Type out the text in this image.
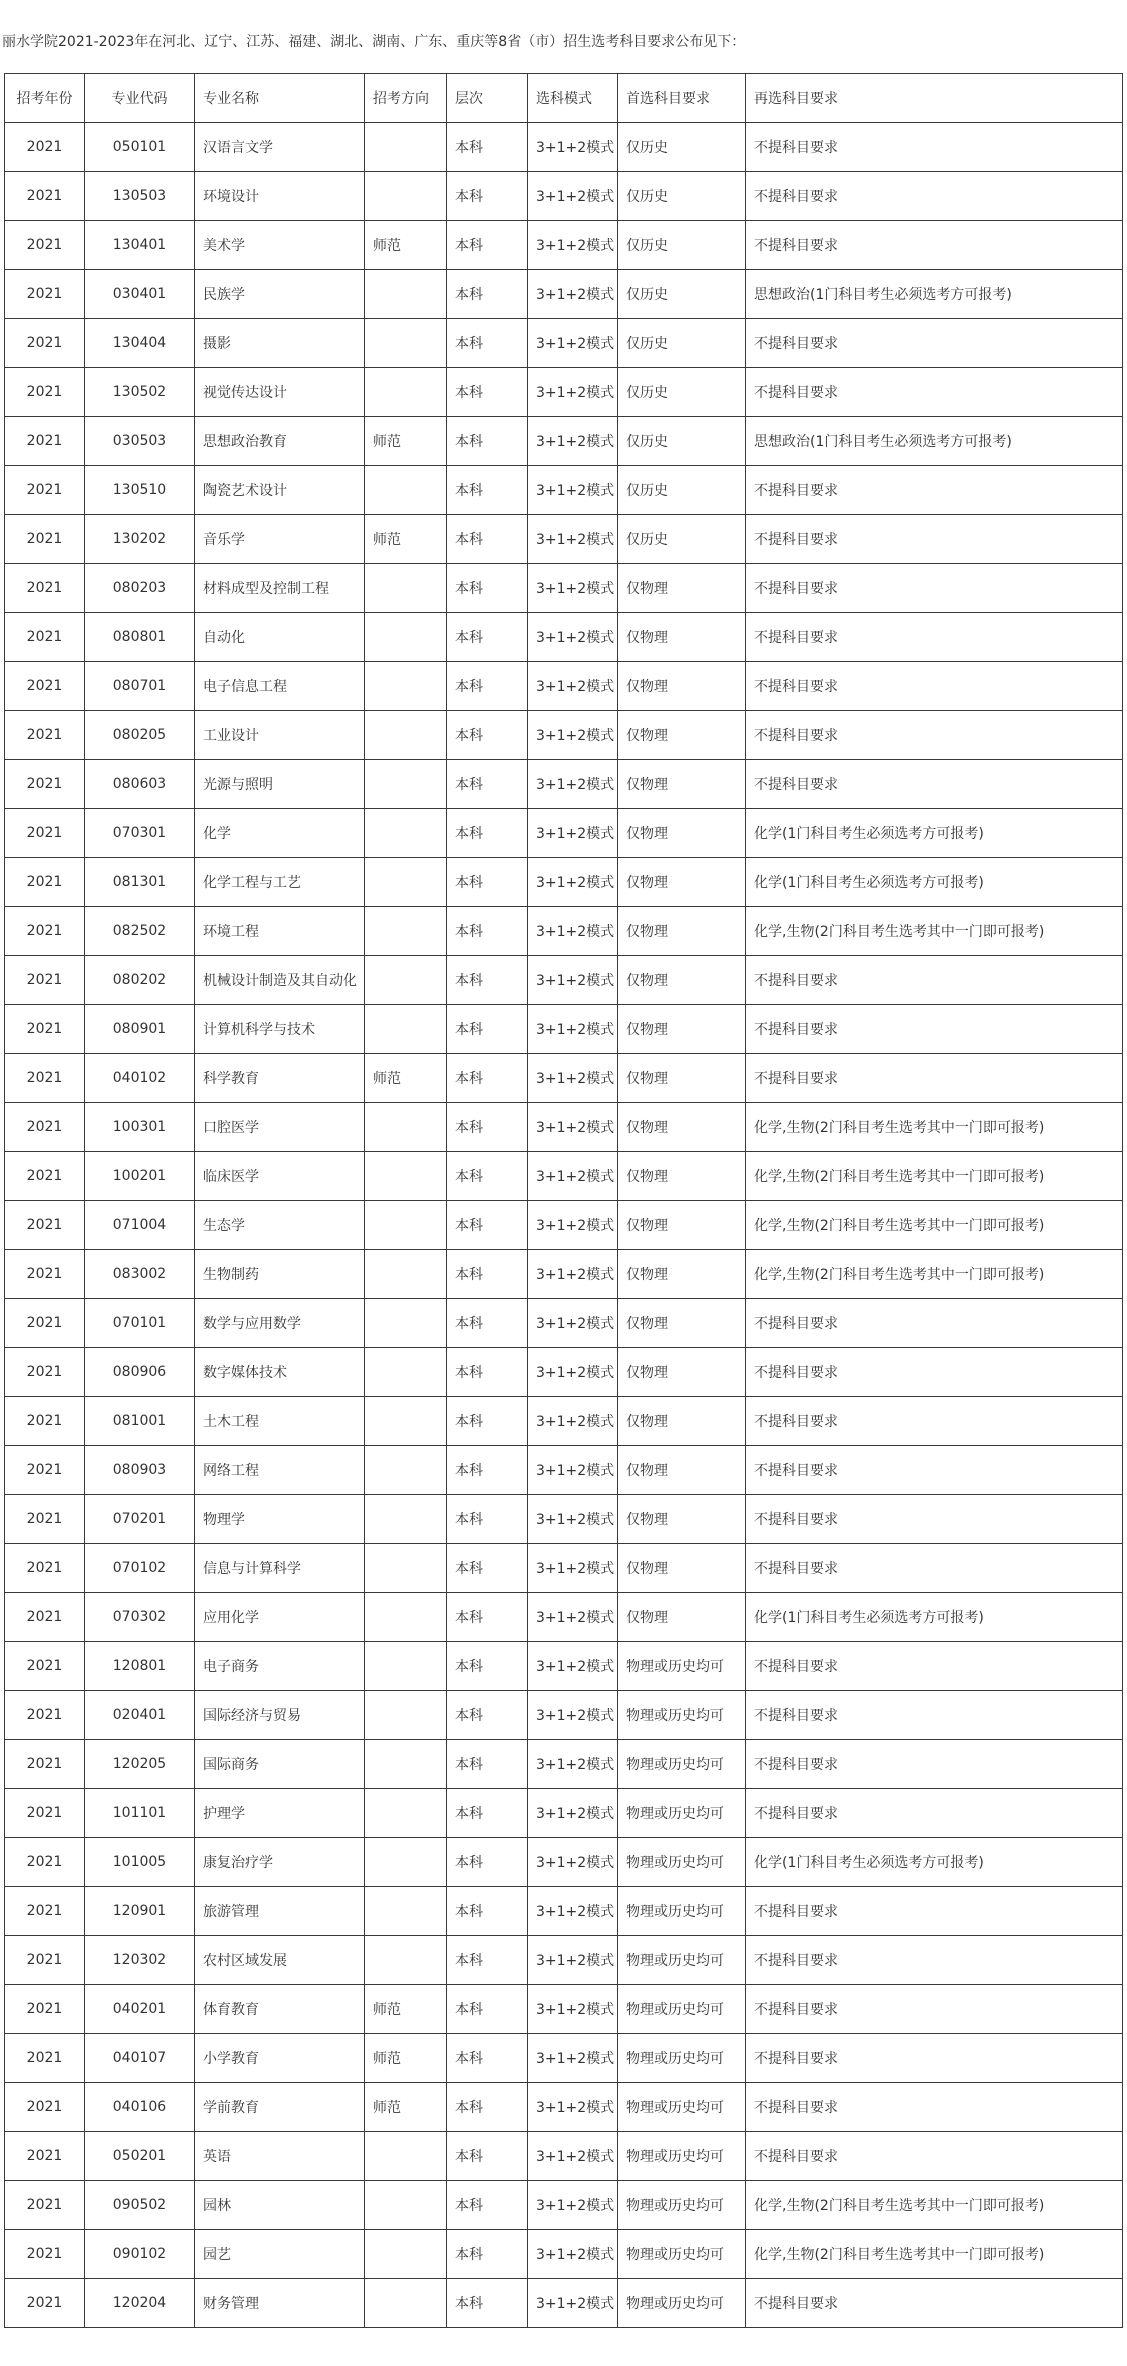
丽水学院2021-2023年在河北、辽宁、江苏、福建、湖北、湖南、广东、重庆等8省（市）招生选考科目要求公布见下：
招考年份	专业代码	专业名称	招考方向	层次	选科模式	首选科目要求	再选科目要求
2021	050101	汉语言文学		本科	3+1+2模式	仅历史	不提科目要求
2021	130503	环境设计		本科	3+1+2模式	仅历史	不提科目要求
2021	130401	美术学	师范	本科	3+1+2模式	仅历史	不提科目要求
2021	030401	民族学		本科	3+1+2模式	仅历史	思想政治(1门科目考生必须选考方可报考)
2021	130404	摄影		本科	3+1+2模式	仅历史	不提科目要求
2021	130502	视觉传达设计		本科	3+1+2模式	仅历史	不提科目要求
2021	030503	思想政治教育	师范	本科	3+1+2模式	仅历史	思想政治(1门科目考生必须选考方可报考)
2021	130510	陶瓷艺术设计		本科	3+1+2模式	仅历史	不提科目要求
2021	130202	音乐学	师范	本科	3+1+2模式	仅历史	不提科目要求
2021	080203	材料成型及控制工程		本科	3+1+2模式	仅物理	不提科目要求
2021	080801	自动化		本科	3+1+2模式	仅物理	不提科目要求
2021	080701	电子信息工程		本科	3+1+2模式	仅物理	不提科目要求
2021	080205	工业设计		本科	3+1+2模式	仅物理	不提科目要求
2021	080603	光源与照明		本科	3+1+2模式	仅物理	不提科目要求
2021	070301	化学		本科	3+1+2模式	仅物理	化学(1门科目考生必须选考方可报考)
2021	081301	化学工程与工艺		本科	3+1+2模式	仅物理	化学(1门科目考生必须选考方可报考)
2021	082502	环境工程		本科	3+1+2模式	仅物理	化学,生物(2门科目考生选考其中一门即可报考)
2021	080202	机械设计制造及其自动化		本科	3+1+2模式	仅物理	不提科目要求
2021	080901	计算机科学与技术		本科	3+1+2模式	仅物理	不提科目要求
2021	040102	科学教育	师范	本科	3+1+2模式	仅物理	不提科目要求
2021	100301	口腔医学		本科	3+1+2模式	仅物理	化学,生物(2门科目考生选考其中一门即可报考)
2021	100201	临床医学		本科	3+1+2模式	仅物理	化学,生物(2门科目考生选考其中一门即可报考)
2021	071004	生态学		本科	3+1+2模式	仅物理	化学,生物(2门科目考生选考其中一门即可报考)
2021	083002	生物制药		本科	3+1+2模式	仅物理	化学,生物(2门科目考生选考其中一门即可报考)
2021	070101	数学与应用数学		本科	3+1+2模式	仅物理	不提科目要求
2021	080906	数字媒体技术		本科	3+1+2模式	仅物理	不提科目要求
2021	081001	土木工程		本科	3+1+2模式	仅物理	不提科目要求
2021	080903	网络工程		本科	3+1+2模式	仅物理	不提科目要求
2021	070201	物理学		本科	3+1+2模式	仅物理	不提科目要求
2021	070102	信息与计算科学		本科	3+1+2模式	仅物理	不提科目要求
2021	070302	应用化学		本科	3+1+2模式	仅物理	化学(1门科目考生必须选考方可报考)
2021	120801	电子商务		本科	3+1+2模式	物理或历史均可	不提科目要求
2021	020401	国际经济与贸易		本科	3+1+2模式	物理或历史均可	不提科目要求
2021	120205	国际商务		本科	3+1+2模式	物理或历史均可	不提科目要求
2021	101101	护理学		本科	3+1+2模式	物理或历史均可	不提科目要求
2021	101005	康复治疗学		本科	3+1+2模式	物理或历史均可	化学(1门科目考生必须选考方可报考)
2021	120901	旅游管理		本科	3+1+2模式	物理或历史均可	不提科目要求
2021	120302	农村区域发展		本科	3+1+2模式	物理或历史均可	不提科目要求
2021	040201	体育教育	师范	本科	3+1+2模式	物理或历史均可	不提科目要求
2021	040107	小学教育	师范	本科	3+1+2模式	物理或历史均可	不提科目要求
2021	040106	学前教育	师范	本科	3+1+2模式	物理或历史均可	不提科目要求
2021	050201	英语		本科	3+1+2模式	物理或历史均可	不提科目要求
2021	090502	园林		本科	3+1+2模式	物理或历史均可	化学,生物(2门科目考生选考其中一门即可报考)
2021	090102	园艺		本科	3+1+2模式	物理或历史均可	化学,生物(2门科目考生选考其中一门即可报考)
2021	120204	财务管理		本科	3+1+2模式	物理或历史均可	不提科目要求
